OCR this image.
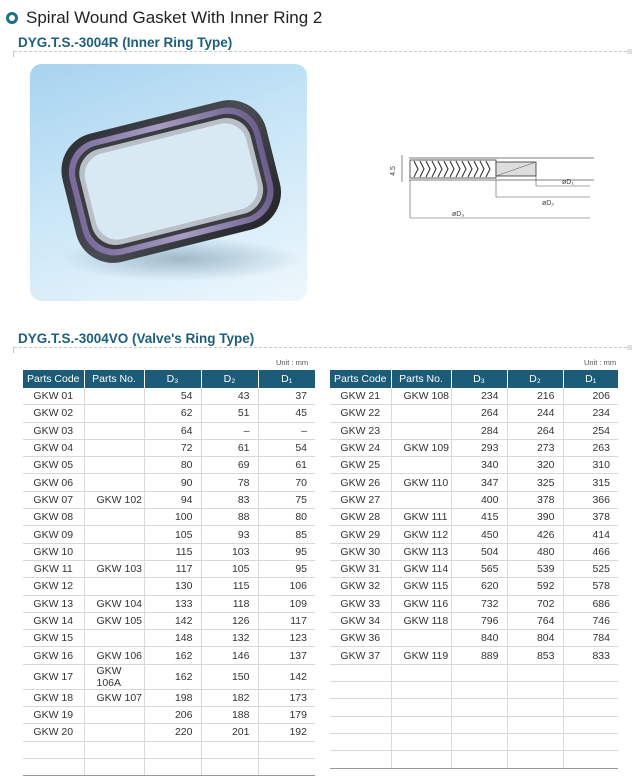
Spiral Wound Gasket With Inner Ring 2
DYG.T.S.-3004R (Inner Ring Type)
4.5
øD₁
øD₂
øD₃
DYG.T.S.-3004VO (Valve's Ring Type)
Unit : mm	Unit : mm
Parts Code	Parts No.	D₃	D₂	D₁
GKW 01		54	43	37
GKW 02		62	51	45
GKW 03		64	–	–
GKW 04		72	61	54
GKW 05		80	69	61
GKW 06		90	78	70
GKW 07	GKW 102	94	83	75
GKW 08		100	88	80
GKW 09		105	93	85
GKW 10		115	103	95
GKW 11	GKW 103	117	105	95
GKW 12		130	115	106
GKW 13	GKW 104	133	118	109
GKW 14	GKW 105	142	126	117
GKW 15		148	132	123
GKW 16	GKW 106	162	146	137
GKW 17	GKW 106A	162	150	142
GKW 18	GKW 107	198	182	173
GKW 19		206	188	179
GKW 20		220	201	192

Parts Code	Parts No.	D₃	D₂	D₁
GKW 21	GKW 108	234	216	206
GKW 22		264	244	234
GKW 23		284	264	254
GKW 24	GKW 109	293	273	263
GKW 25		340	320	310
GKW 26	GKW 110	347	325	315
GKW 27		400	378	366
GKW 28	GKW 111	415	390	378
GKW 29	GKW 112	450	426	414
GKW 30	GKW 113	504	480	466
GKW 31	GKW 114	565	539	525
GKW 32	GKW 115	620	592	578
GKW 33	GKW 116	732	702	686
GKW 34	GKW 118	796	764	746
GKW 36		840	804	784
GKW 37	GKW 119	889	853	833
